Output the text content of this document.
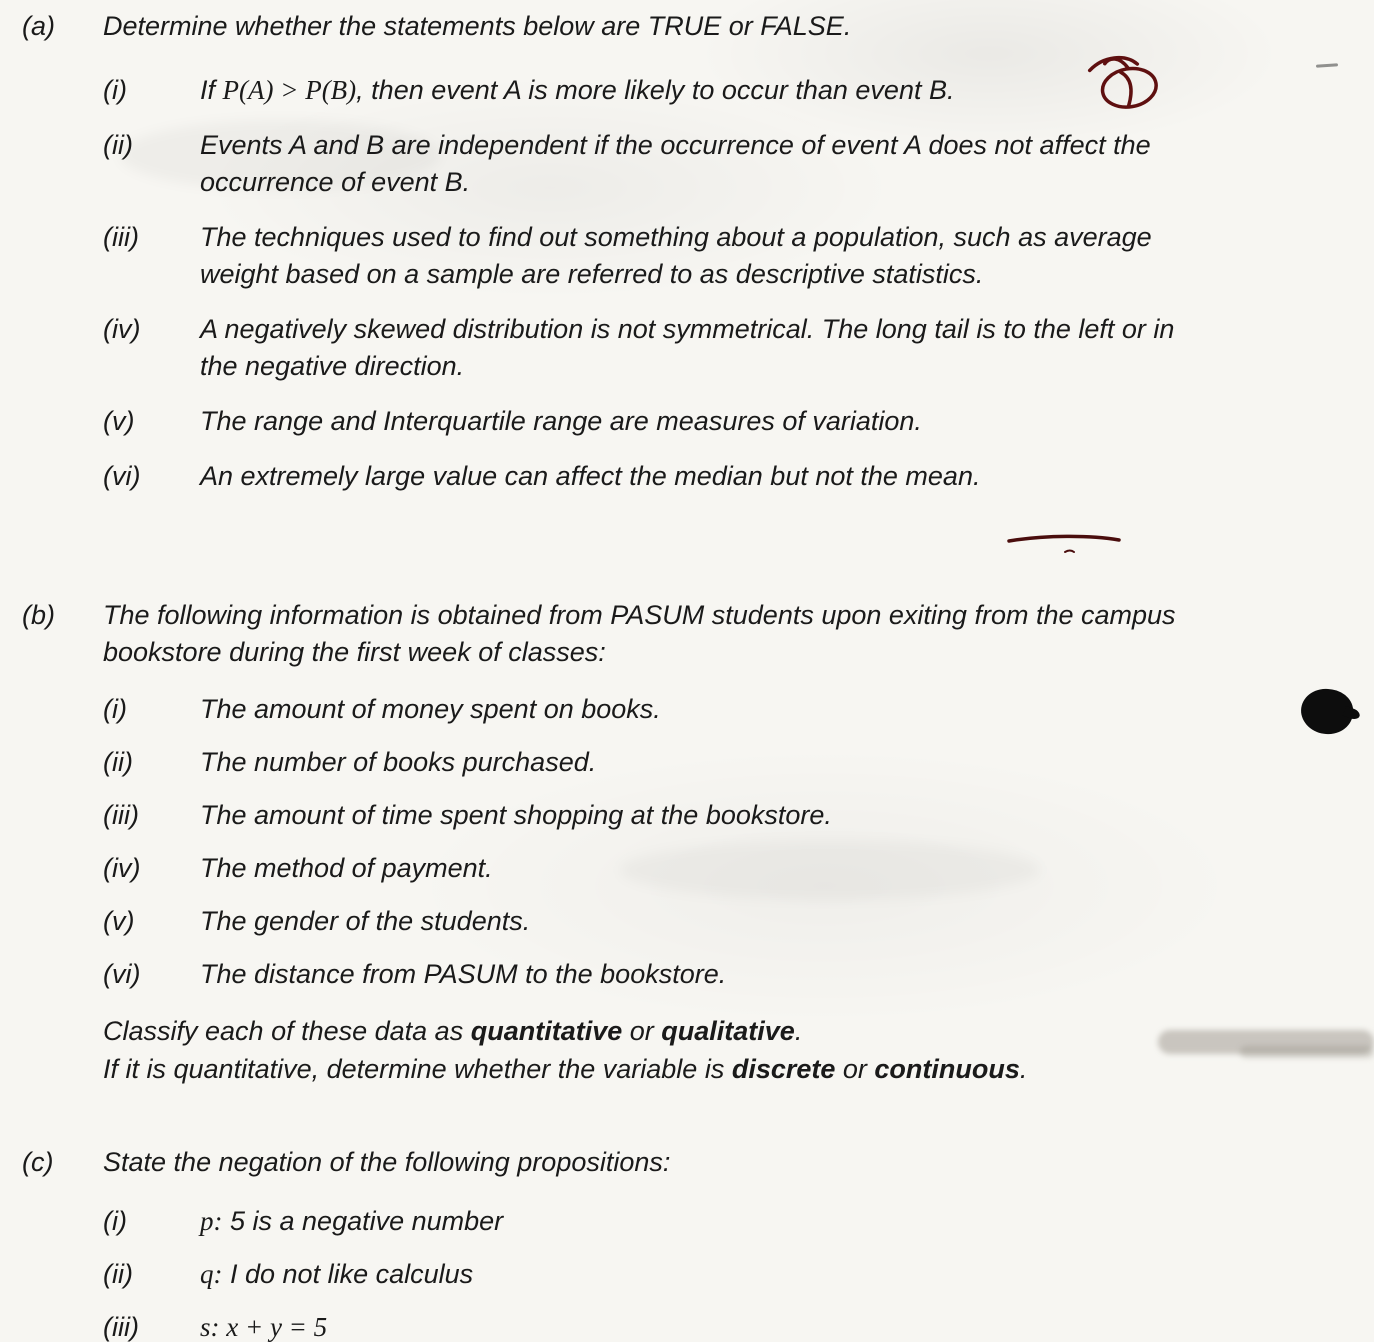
(a)	Determine whether the statements below are TRUE or FALSE.
(i)	If P(A) > P(B), then event A is more likely to occur than event B.
(ii)	Events A and B are independent if the occurrence of event A does not affect the
occurrence of event B.
(iii)	The techniques used to find out something about a population, such as average
weight based on a sample are referred to as descriptive statistics.
(iv)	A negatively skewed distribution is not symmetrical. The long tail is to the left or in
the negative direction.
(v)	The range and Interquartile range are measures of variation.
(vi)	An extremely large value can affect the median but not the mean.
(b)	The following information is obtained from PASUM students upon exiting from the campus
bookstore during the first week of classes:
(i)	The amount of money spent on books.
(ii)	The number of books purchased.
(iii)	The amount of time spent shopping at the bookstore.
(iv)	The method of payment.
(v)	The gender of the students.
(vi)	The distance from PASUM to the bookstore.
Classify each of these data as quantitative or qualitative.
If it is quantitative, determine whether the variable is discrete or continuous.
(c)	State the negation of the following propositions:
(i)	p: 5 is a negative number
(ii)	q: I do not like calculus
(iii)	s: x + y = 5
